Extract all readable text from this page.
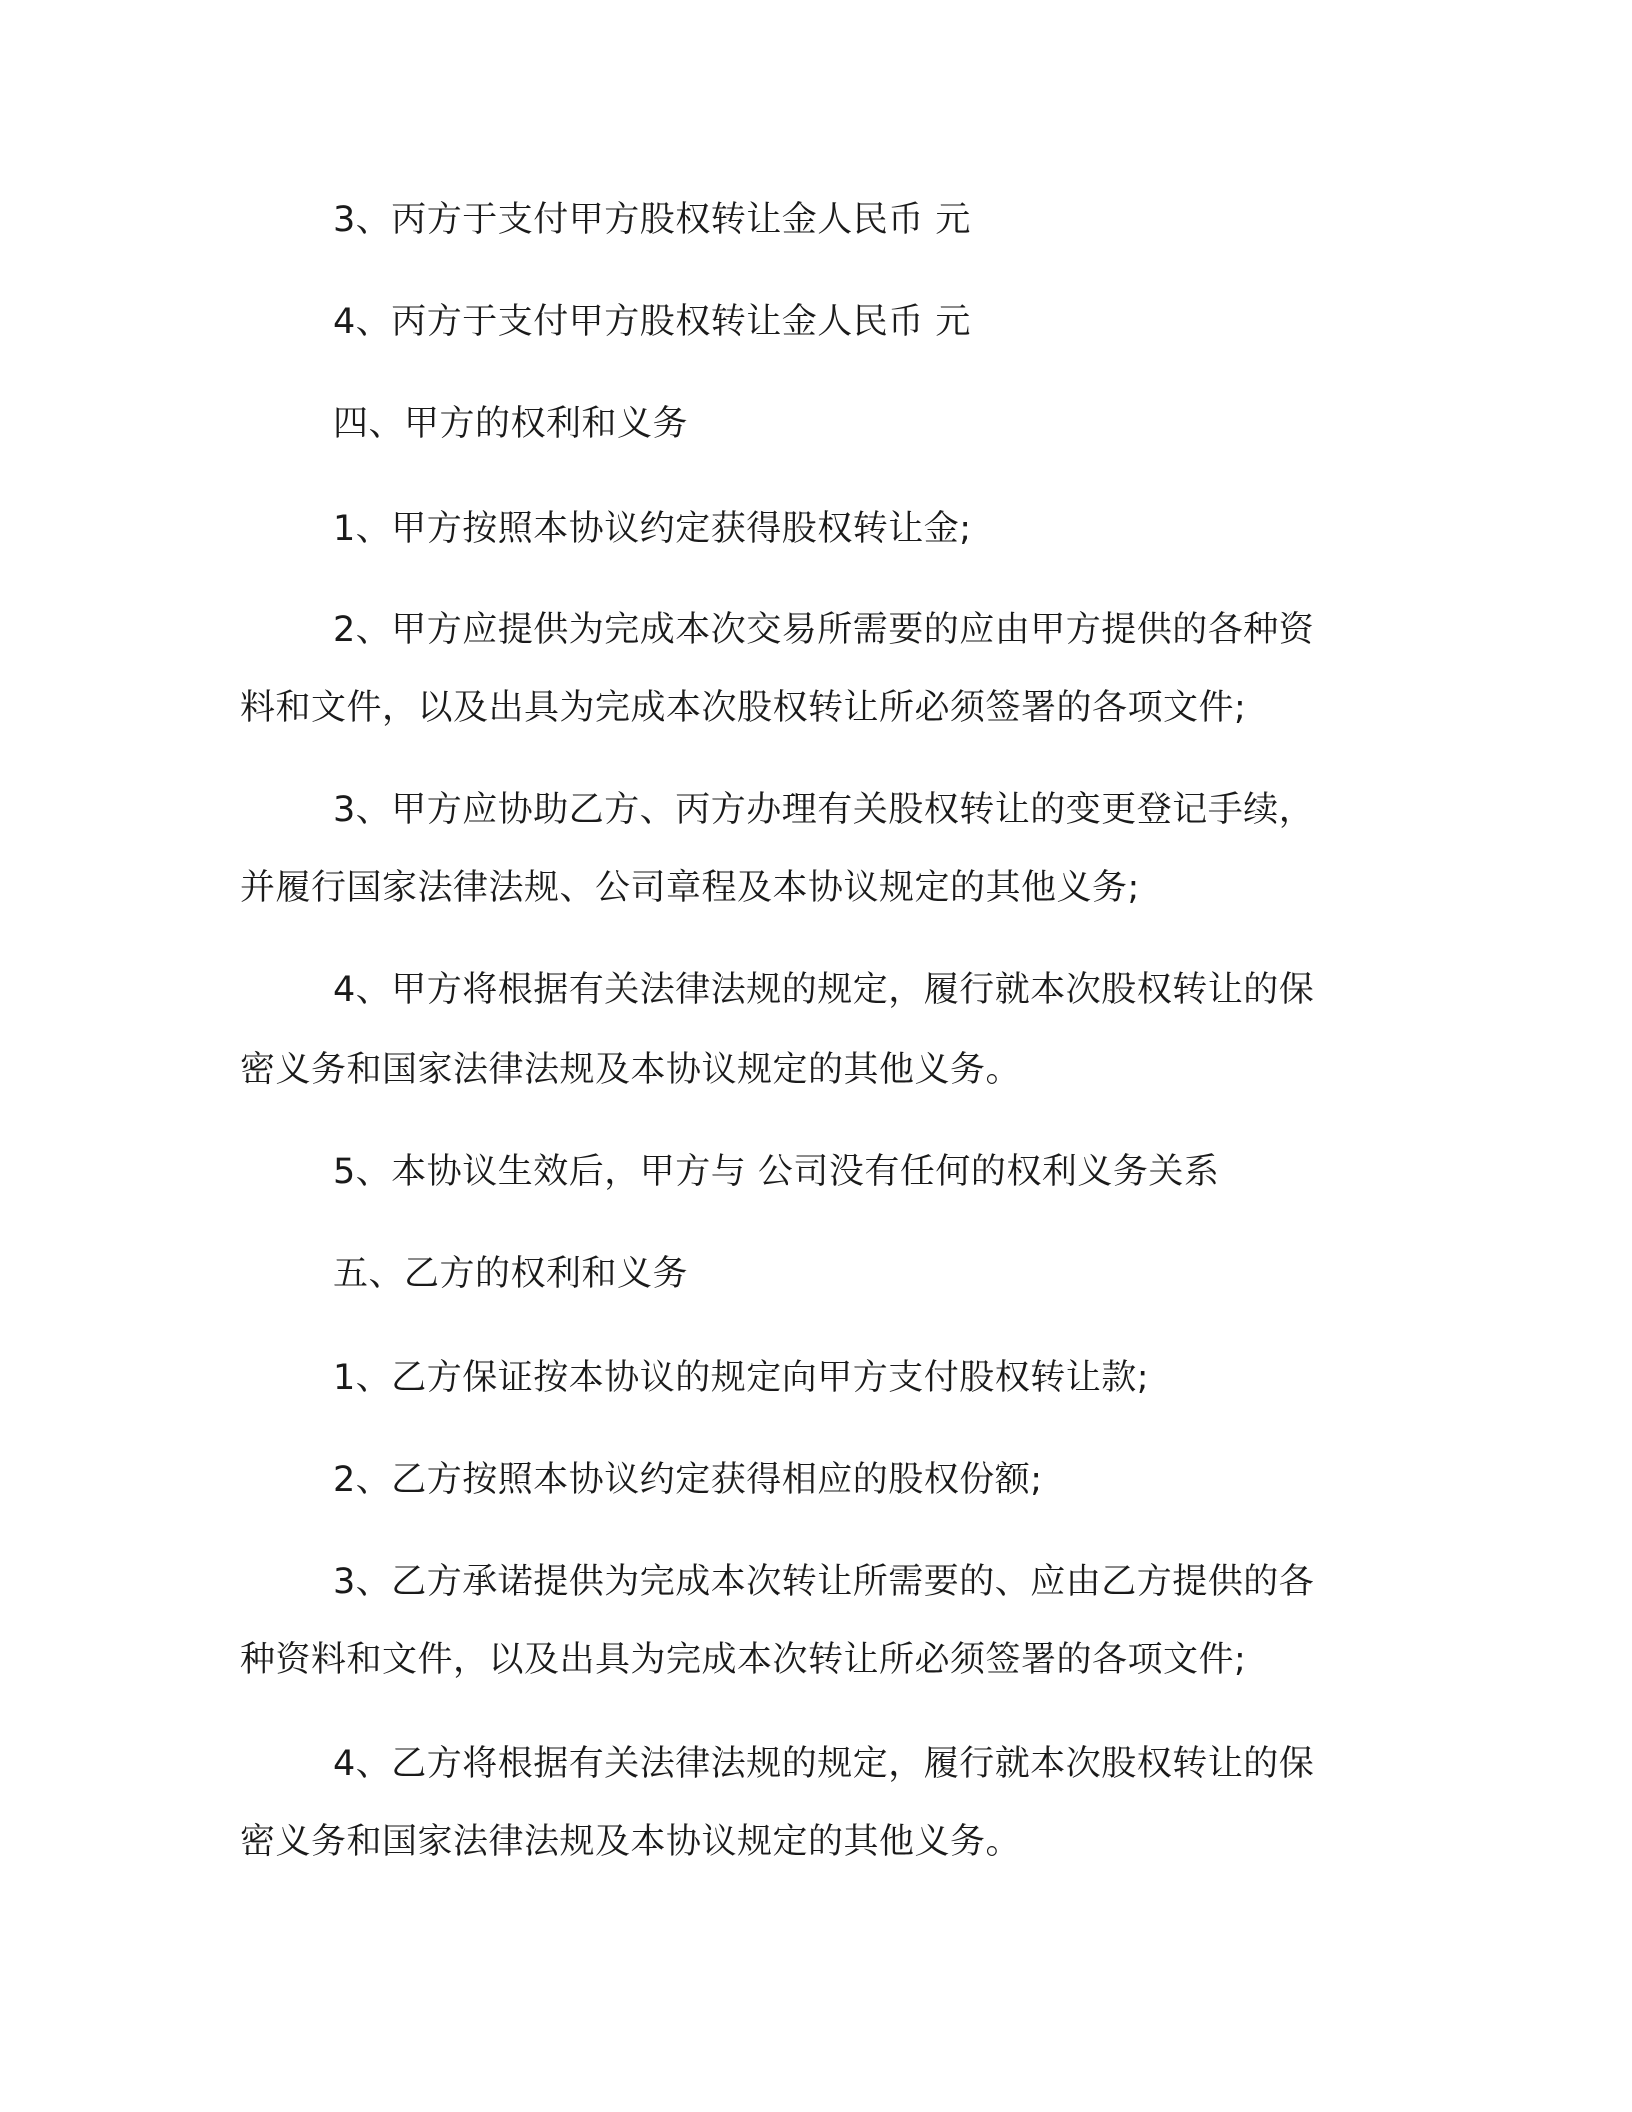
3、丙方于支付甲方股权转让金人民币 元
4、丙方于支付甲方股权转让金人民币 元
四、甲方的权利和义务
1、甲方按照本协议约定获得股权转让金;
2、甲方应提供为完成本次交易所需要的应由甲方提供的各种资
料和文件，以及出具为完成本次股权转让所必须签署的各项文件;
3、甲方应协助乙方、丙方办理有关股权转让的变更登记手续，
并履行国家法律法规、公司章程及本协议规定的其他义务;
4、甲方将根据有关法律法规的规定，履行就本次股权转让的保
密义务和国家法律法规及本协议规定的其他义务。
5、本协议生效后，甲方与 公司没有任何的权利义务关系
五、乙方的权利和义务
1、乙方保证按本协议的规定向甲方支付股权转让款;
2、乙方按照本协议约定获得相应的股权份额;
3、乙方承诺提供为完成本次转让所需要的、应由乙方提供的各
种资料和文件，以及出具为完成本次转让所必须签署的各项文件;
4、乙方将根据有关法律法规的规定，履行就本次股权转让的保
密义务和国家法律法规及本协议规定的其他义务。
